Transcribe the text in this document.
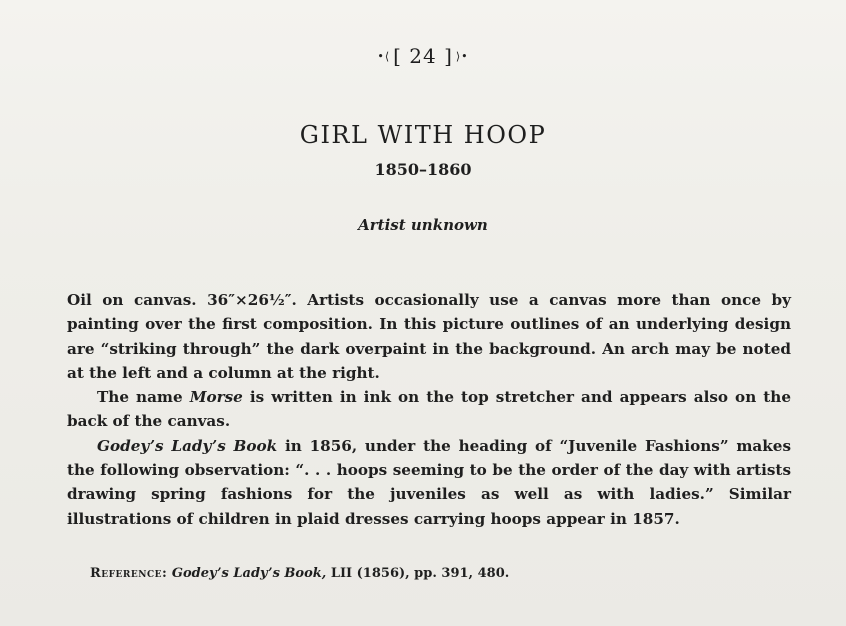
•⟨ [ 24 ] ⟩•
GIRL WITH HOOP
1850–1860
Artist unknown

Oil on canvas. 36″×26½″. Artists occasionally use a canvas more than once by painting over the first composition. In this picture outlines of an underlying design are “striking through” the dark overpaint in the background. An arch may be noted at the left and a column at the right.

The name Morse is written in ink on the top stretcher and appears also on the back of the canvas.

Godey’s Lady’s Book in 1856, under the heading of “Juvenile Fashions” makes the following observation: “. . . hoops seeming to be the order of the day with artists drawing spring fashions for the juveniles as well as with ladies.” Similar illustrations of children in plaid dresses carrying hoops appear in 1857.

Reference: Godey’s Lady’s Book, LII (1856), pp. 391, 480.
